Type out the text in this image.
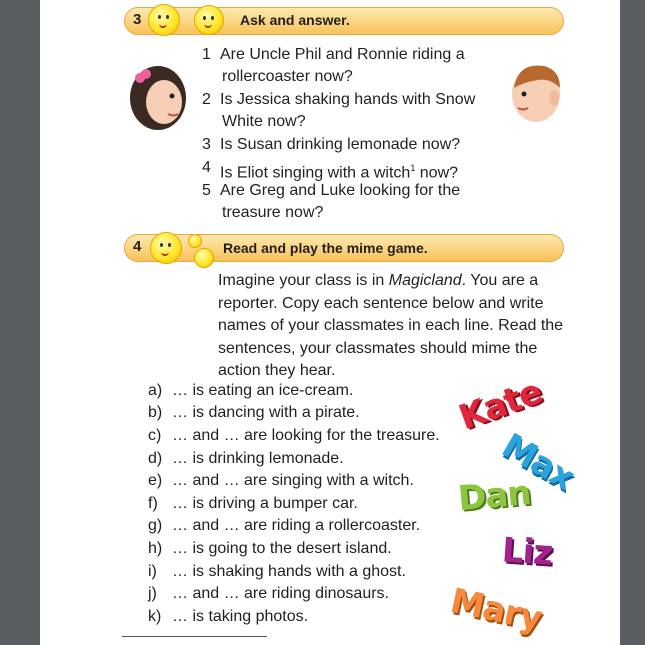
3	Ask and answer.
1 Are Uncle Phil and Ronnie riding a
rollercoaster now?
2 Is Jessica shaking hands with Snow
White now?
3 Is Susan drinking lemonade now?
4 Is Eliot singing with a witch$^1$ now?
5 Are Greg and Luke looking for the
treasure now?
4	Read and play the mime game.
Imagine your class is in Magicland. You are a reporter. Copy each sentence below and write names of your classmates in each line. Read the sentences, your classmates should mime the action they hear.
a) … is eating an ice-cream.
b) … is dancing with a pirate.
c) … and … are looking for the treasure.
d) … is drinking lemonade.
e) … and … are singing with a witch.
f) … is driving a bumper car.
g) … and … are riding a rollercoaster.
h) … is going to the desert island.
i) … is shaking hands with a ghost.
j) … and … are riding dinosaurs.
k) … is taking photos.
Kate
Max
Dan
Liz
Mary
